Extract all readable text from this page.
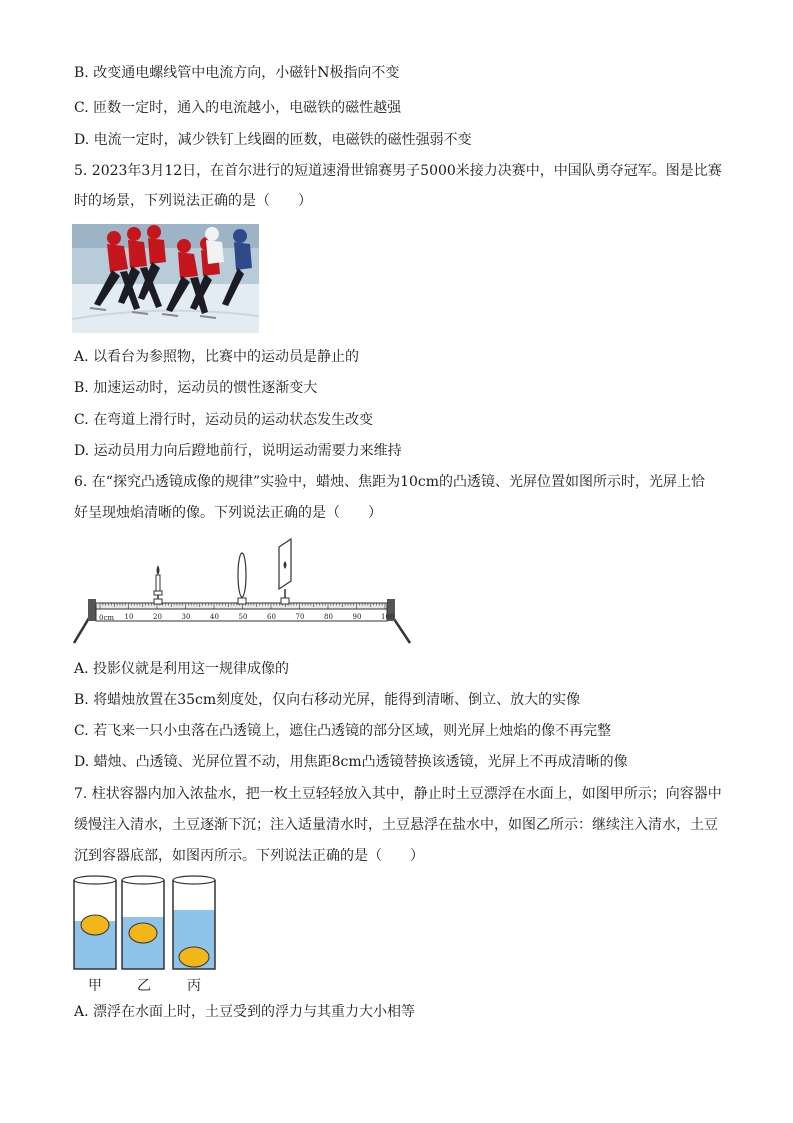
B. 改变通电螺线管中电流方向，小磁针N极指向不变
C. 匝数一定时，通入的电流越小，电磁铁的磁性越强
D. 电流一定时，减少铁钉上线圈的匝数，电磁铁的磁性强弱不变
5. 2023年3月12日，在首尔进行的短道速滑世锦赛男子5000米接力决赛中，中国队勇夺冠军。图是比赛
时的场景，下列说法正确的是（　　）
A. 以看台为参照物，比赛中的运动员是静止的
B. 加速运动时，运动员的惯性逐渐变大
C. 在弯道上滑行时，运动员的运动状态发生改变
D. 运动员用力向后蹬地前行，说明运动需要力来维持
6. 在“探究凸透镜成像的规律”实验中，蜡烛、焦距为10cm的凸透镜、光屏位置如图所示时，光屏上恰
好呈现烛焰清晰的像。下列说法正确的是（　　）
10	20	30	40	50	60	70	80	90	100
0cm
A. 投影仪就是利用这一规律成像的
B. 将蜡烛放置在35cm刻度处，仅向右移动光屏，能得到清晰、倒立、放大的实像
C. 若飞来一只小虫落在凸透镜上，遮住凸透镜的部分区域，则光屏上烛焰的像不再完整
D. 蜡烛、凸透镜、光屏位置不动，用焦距8cm凸透镜替换该透镜，光屏上不再成清晰的像
7. 柱状容器内加入浓盐水，把一枚土豆轻轻放入其中，静止时土豆漂浮在水面上，如图甲所示；向容器中
缓慢注入清水，土豆逐渐下沉；注入适量清水时，土豆悬浮在盐水中，如图乙所示：继续注入清水，土豆
沉到容器底部，如图丙所示。下列说法正确的是（　　）
甲	乙	丙
A. 漂浮在水面上时，土豆受到的浮力与其重力大小相等
